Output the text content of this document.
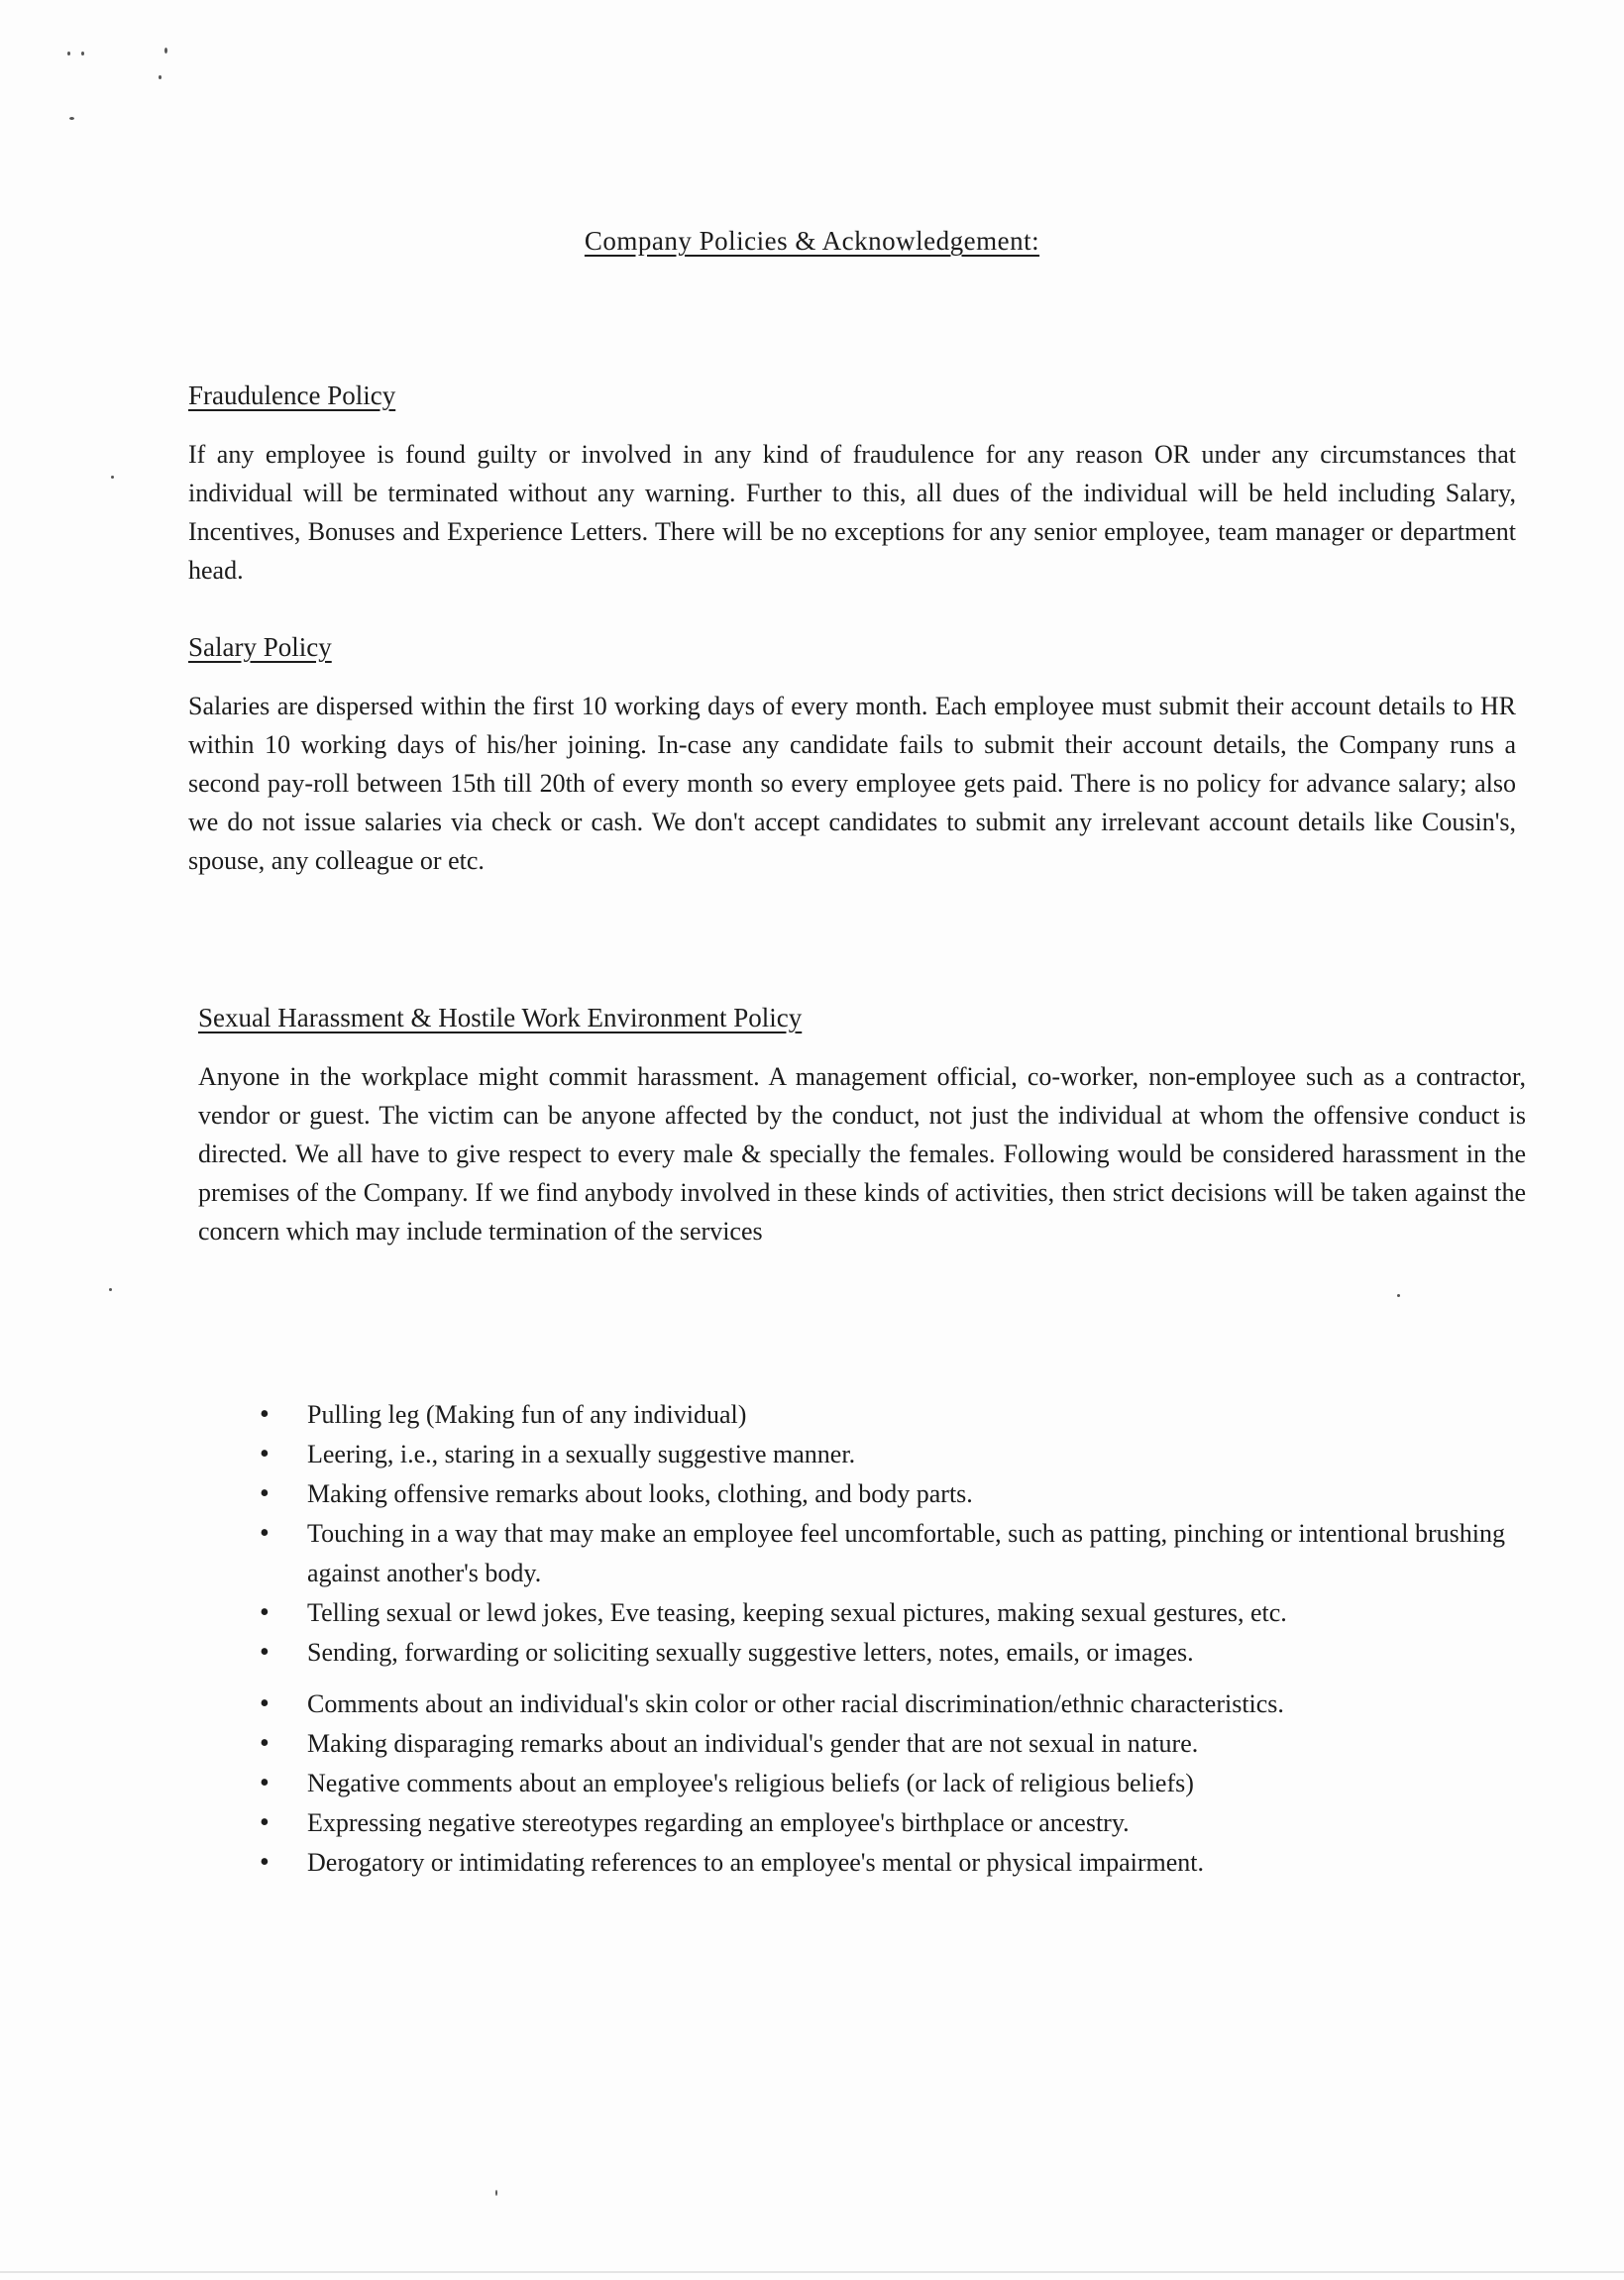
Company Policies & Acknowledgement:
Fraudulence Policy

If any employee is found guilty or involved in any kind of fraudulence for any reason OR under any circumstances that individual will be terminated without any warning. Further to this, all dues of the individual will be held including Salary, Incentives, Bonuses and Experience Letters. There will be no exceptions for any senior employee, team manager or department head.

Salary Policy

Salaries are dispersed within the first 10 working days of every month. Each employee must submit their account details to HR within 10 working days of his/her joining. In-case any candidate fails to submit their account details, the Company runs a second pay-roll between 15th till 20th of every month so every employee gets paid. There is no policy for advance salary; also we do not issue salaries via check or cash. We don't accept candidates to submit any irrelevant account details like Cousin's, spouse, any colleague or etc.

Sexual Harassment & Hostile Work Environment Policy

Anyone in the workplace might commit harassment. A management official, co-worker, non-employee such as a contractor, vendor or guest. The victim can be anyone affected by the conduct, not just the individual at whom the offensive conduct is directed. We all have to give respect to every male & specially the females. Following would be considered harassment in the premises of the Company. If we find anybody involved in these kinds of activities, then strict decisions will be taken against the concern which may include termination of the services

• Pulling leg (Making fun of any individual)
• Leering, i.e., staring in a sexually suggestive manner.
• Making offensive remarks about looks, clothing, and body parts.
• Touching in a way that may make an employee feel uncomfortable, such as patting, pinching or intentional brushing against another's body.
• Telling sexual or lewd jokes, Eve teasing, keeping sexual pictures, making sexual gestures, etc.
• Sending, forwarding or soliciting sexually suggestive letters, notes, emails, or images.
• Comments about an individual's skin color or other racial discrimination/ethnic characteristics.
• Making disparaging remarks about an individual's gender that are not sexual in nature.
• Negative comments about an employee's religious beliefs (or lack of religious beliefs)
• Expressing negative stereotypes regarding an employee's birthplace or ancestry.
• Derogatory or intimidating references to an employee's mental or physical impairment.
